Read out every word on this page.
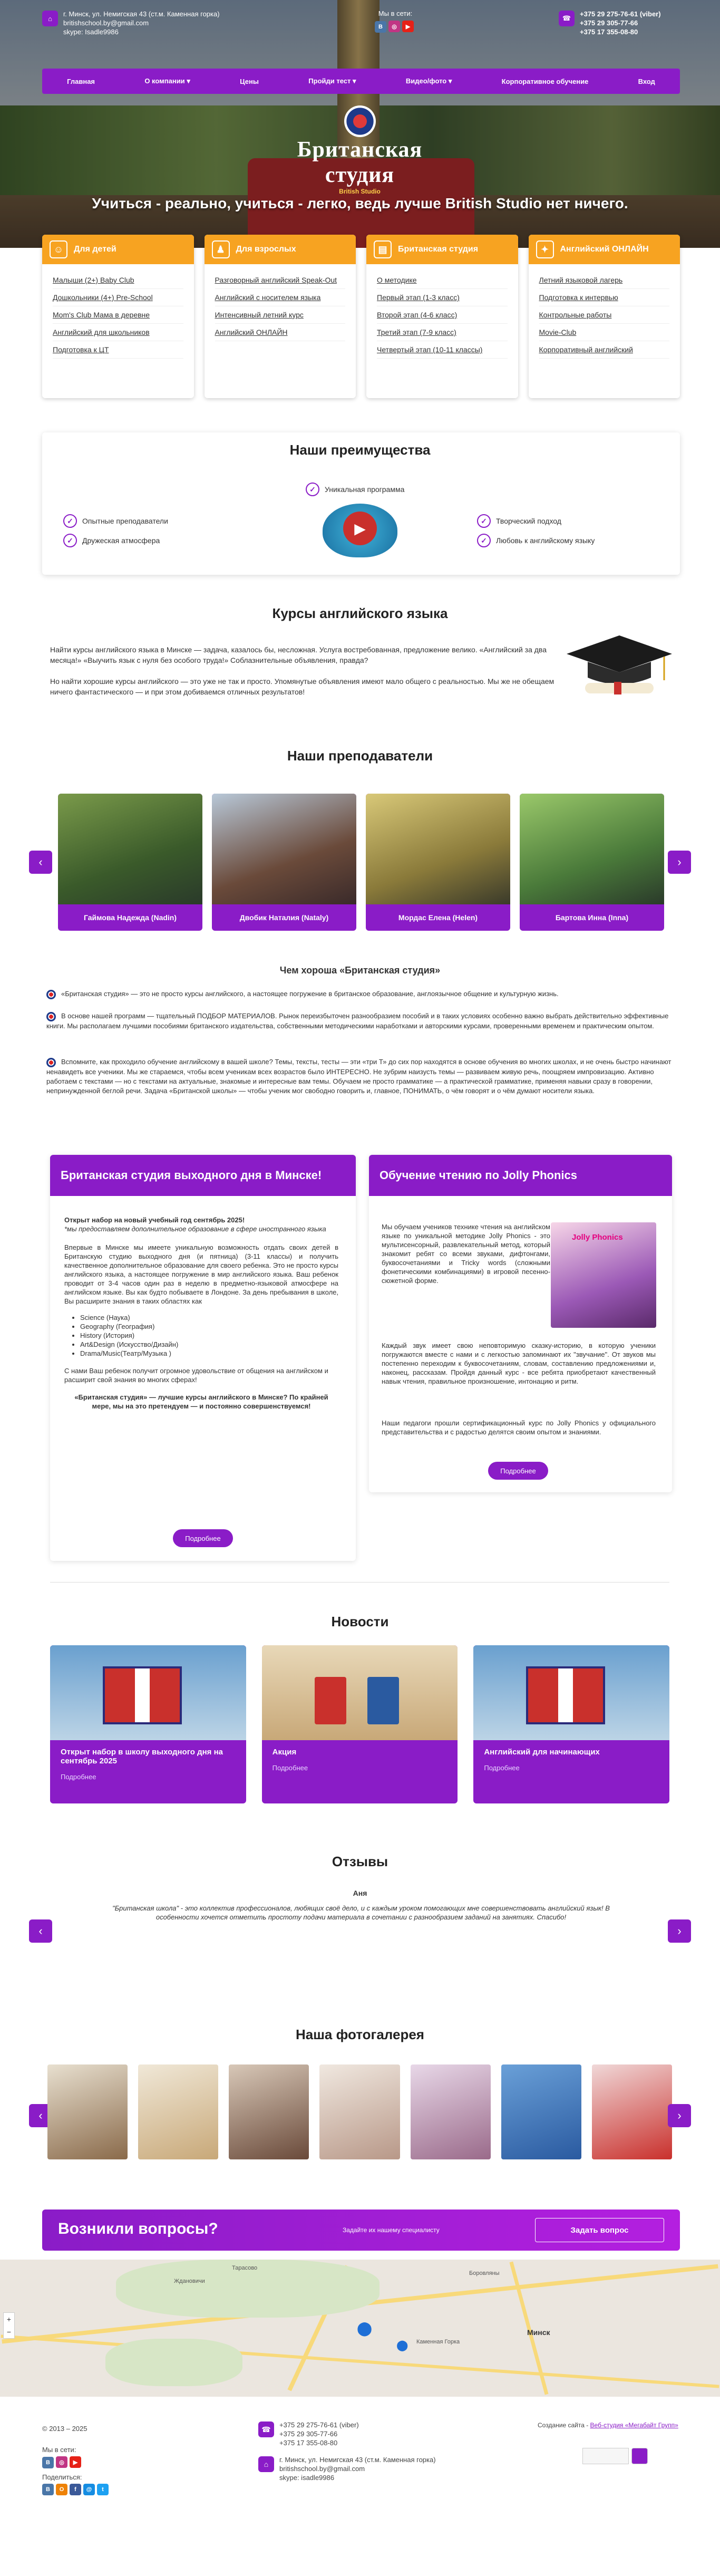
⌂
г. Минск, ул. Немигская 43 (ст.м. Каменная горка)
britishschool.by@gmail.com
skype: Isadle9986
Мы в сети:
В ◎ ▶
☎
+375 29 275-76-61 (viber)
+375 29 305-77-66
+375 17 355-08-80
Главная	О компании ▾	Цены	Пройди тест ▾	Видео/фото ▾	Корпоративное обучение	Вход
Британская студия
British Studio
Учиться - реально, учиться - легко, ведь лучше British Studio нет ничего.
☺	Для детей
Малыши (2+) Baby Club
Дошкольники (4+) Pre-School
Mom's Club Мама в деревне
Английский для школьников
Подготовка к ЦТ
♟	Для взрослых
Разговорный английский Speak-Out
Английский с носителем языка
Интенсивный летний курс
Английский ОНЛАЙН
▤	Британская студия
О методике
Первый этап (1-3 класс)
Второй этап (4-6 класс)
Третий этап (7-9 класс)
Четвертый этап (10-11 классы)
✦	Английский ОНЛАЙН
Летний языковой лагерь
Подготовка к интервью
Контрольные работы
Movie-Club
Корпоративный английский
Наши преимущества
✓	Уникальная программа
✓	Опытные преподаватели
✓	Дружеская атмосфера
✓	Творческий подход
✓	Любовь к английскому языку
▶
Курсы английского языка
Найти курсы английского языка в Минске — задача, казалось бы, несложная. Услуга востребованная, предложение велико. «Английский за два месяца!» «Выучить язык с нуля без особого труда!» Соблазнительные объявления, правда?
Но найти хорошие курсы английского — это уже не так и просто. Упомянутые объявления имеют мало общего с реальностью. Мы же не обещаем ничего фантастического — и при этом добиваемся отличных результатов!
Наши преподаватели
‹
Гаймова Надежда (Nadin)	Двобик Наталия (Natalу)	Мордас Елена (Helen)	Бартова Инна (Inna)
›
Чем хороша «Британская студия»
«Британская студия» — это не просто курсы английского, а настоящее погружение в британское образование, англоязычное общение и культурную жизнь.
В основе нашей программ — тщательный ПОДБОР МАТЕРИАЛОВ. Рынок переизбыточен разнообразием пособий и в таких условиях особенно важно выбрать действительно эффективные книги. Мы располагаем лучшими пособиями британского издательства, собственными методическими наработками и авторскими курсами, проверенными временем и практическим опытом.
Вспомните, как проходило обучение английскому в вашей школе? Темы, тексты, тесты — эти «три Т» до сих пор находятся в основе обучения во многих школах, и не очень быстро начинают ненавидеть все ученики. Мы же стараемся, чтобы всем ученикам всех возрастов было ИНТЕРЕСНО. Не зубрим наизусть темы — развиваем живую речь, поощряем импровизацию. Активно работаем с текстами — но с текстами на актуальные, знакомые и интересные вам темы. Обучаем не просто грамматике — а практической грамматике, применяя навыки сразу в говорении, непринужденной беглой речи. Задача «Британской школы» — чтобы ученик мог свободно говорить и, главное, ПОНИМАТЬ, о чём говорят и о чём думают носители языка.
Британская студия выходного дня в Минске!
Открыт набор на новый учебный год сентябрь 2025!
*мы предоставляем дополнительное образование в сфере иностранного языка
Впервые в Минске мы имеете уникальную возможность отдать своих детей в Британскую студию выходного дня (и пятница) (3-11 классы) и получить качественное дополнительное образование для своего ребенка. Это не просто курсы английского языка, а настоящее погружение в мир английского языка. Ваш ребенок проводит от 3-4 часов один раз в неделю в предметно-языковой атмосфере на английском языке. Вы как будто побываете в Лондоне. За день пребывания в школе, Вы расширите знания в таких областях как
• Science (Наука)
• Geography (География)
• History (История)
• Art&Design (Искусство/Дизайн)
• Drama/Music(Театр/Музыка )
С нами Ваш ребенок получит огромное удовольствие от общения на английском и расширит свой знания во многих сферах!
«Британская студия» — лучшие курсы английского в Минске? По крайней мере, мы на это претендуем — и постоянно совершенствуемся!
Подробнее
Обучение чтению по Jolly Phonics
Мы обучаем учеников технике чтения на английском языке по уникальной методике Jolly Phonics - это мультисенсорный, развлекательный метод, который знакомит ребят со всеми звуками, дифтонгами, буквосочетаниями и Tricky words (сложными фонетическими комбинациями) в игровой песенно-сюжетной форме.
Jolly Phonics
Каждый звук имеет свою неповторимую сказку-историю, в которую ученики погружаются вместе с нами и с легкостью запоминают их "звучание". От звуков мы постепенно переходим к буквосочетаниям, словам, составлению предложениями и, наконец, рассказам. Пройдя данный курс - все ребята приобретают качественный навык чтения, правильное произношение, интонацию и ритм.
Наши педагоги прошли сертификационный курс по Jolly Phonics у официального представительства и с радостью делятся своим опытом и знаниями.
Подробнее
Новости
Открыт набор в школу выходного дня на сентябрь 2025
Подробнее
Акция
Подробнее
Английский для начинающих
Подробнее
Отзывы
‹
Аня
"Британская школа" - это коллектив профессионалов, любящих своё дело, и с каждым уроком помогающих мне совершенствовать английский язык! В особенности хочется отметить простоту подачи материала в сочетании с разнообразием заданий на занятиях. Спасибо!
›
Наша фотогалерея
‹	›
Возникли вопросы?	Задайте их нашему специалисту	Задать вопрос
Ждановичи
Тарасово
Минск
Каменная Горка
Боровляны
⬤
⬤
+
−
© 2013 – 2025
Мы в сети:
В ◎ ▶
Поделиться:
В О f @ t
☎	+375 29 275-76-61 (viber)
+375 29 305-77-66
+375 17 355-08-80
⌂
г. Минск, ул. Немигская 43 (ст.м. Каменная горка)
britishschool.by@gmail.com
skype: isadle9986
Создание сайта - Веб-студия «Мегабайт Групп»
